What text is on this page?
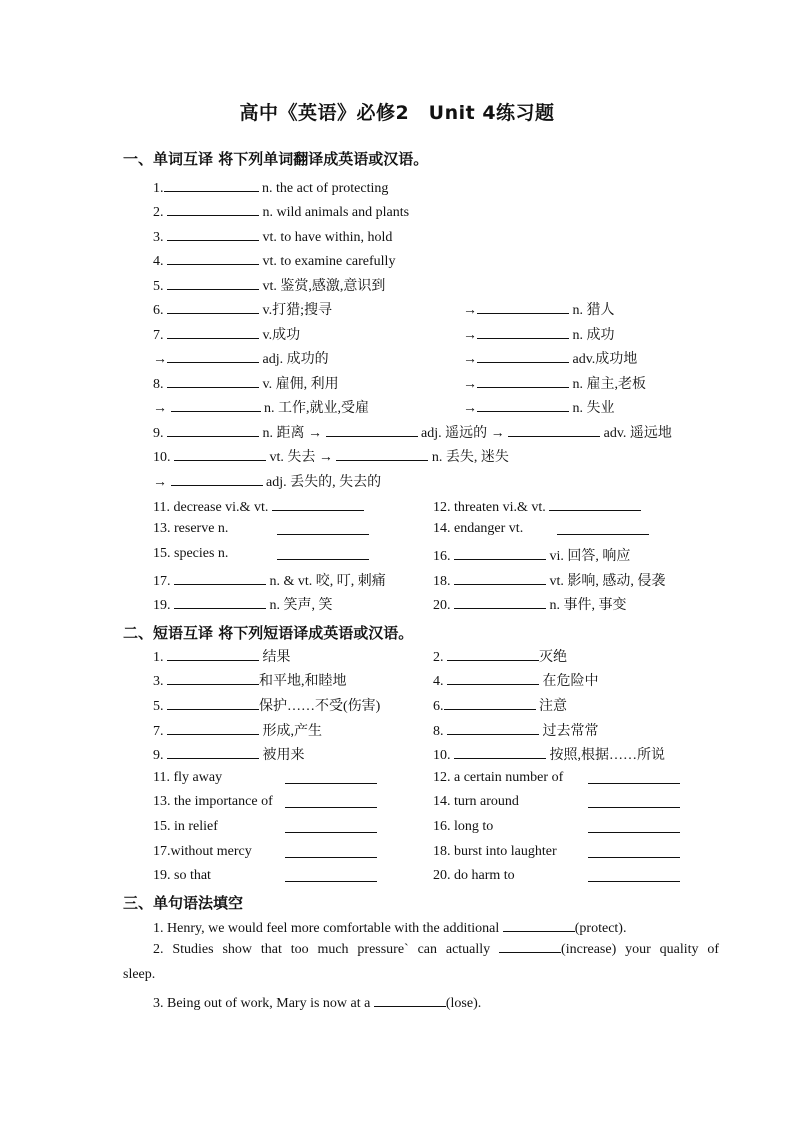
高中《英语》必修2　Unit 4练习题
一、单词互译 将下列单词翻译成英语或汉语。
1.	n. the act of protecting
2.	n. wild animals and plants
3.	vt. to have within, hold
4.	vt. to examine carefully
5.	vt. 鉴赏,感激,意识到
6.	v.打猎;搜寻	→	n. 猎人
7.	v.成功	→	n. 成功
→	adj. 成功的	→	adv.成功地
8.	v. 雇佣, 利用	→	n. 雇主,老板
→	n. 工作,就业,受雇	→	n. 失业
9.	n. 距离 →	adj. 遥远的 →	adv. 遥远地
10.	vt. 失去 →	n. 丢失, 迷失
→	adj. 丢失的, 失去的
11. decrease vi.& vt.	12. threaten vi.& vt.
13. reserve n.	14. endanger vt.
15. species n.	16.	vi. 回答, 响应
17.	n. & vt. 咬, 叮, 刺痛	18.	vt. 影响, 感动, 侵袭
19.	n. 笑声, 笑	20.	n. 事件, 事变
二、短语互译 将下列短语译成英语或汉语。
1.	结果	2.	灭绝
3.	和平地,和睦地	4.	在危险中
5.	保护……不受(伤害)	6.	注意
7.	形成,产生	8.	过去常常
9.	被用来	10.	按照,根据……所说
11. fly away	12. a certain number of
13. the importance of	14. turn around
15. in relief	16. long to
17.without mercy	18. burst into laughter
19. so that	20. do harm to
三、单句语法填空
1. Henry, we would feel more comfortable with the additional	(protect).
2. Studies show that too much pressure` can actually	(increase) your quality of
sleep.
3. Being out of work, Mary is now at a	(lose).
